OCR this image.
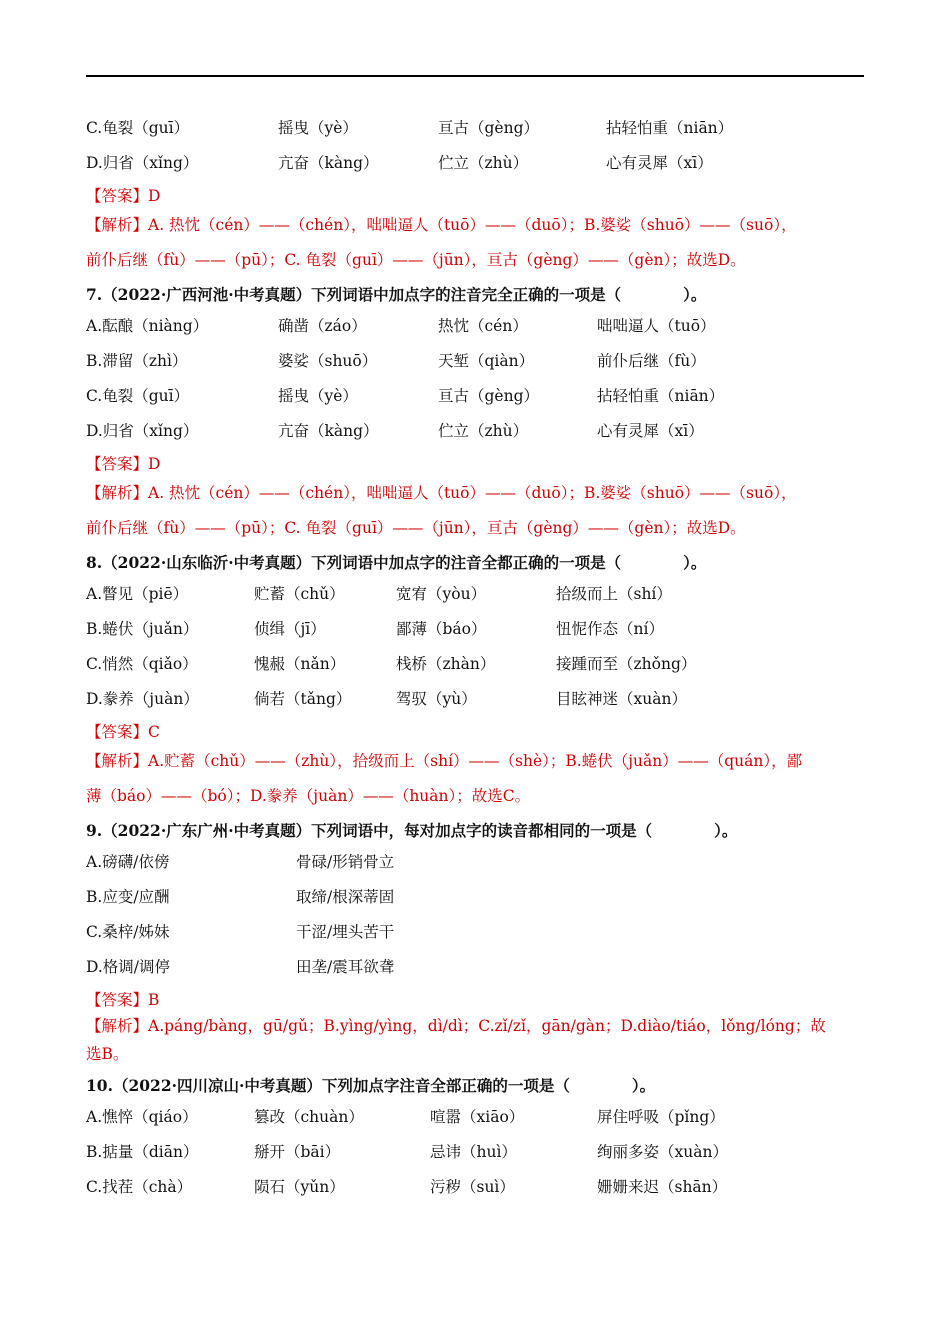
C.龟裂（guī）	摇曳（yè）	亘古（gèng）	拈轻怕重（niān）
D.归省（xǐng）	亢奋（kàng）	伫立（zhù）	心有灵犀（xī）
【答案】D
【解析】A. 热忱（cén）——（chén），咄咄逼人（tuō）——（duō）；B.婆娑（shuō）——（suō），
前仆后继（fù）——（pū）；C. 龟裂（guī）——（jūn），亘古（gèng）——（gèn）；故选D。
7.（2022·广西河池·中考真题）下列词语中加点字的注音完全正确的一项是（　　　　）。
A.酝酿（niàng）	确凿（záo）	热忱（cén）	咄咄逼人（tuō）
B.滞留（zhì）	婆娑（shuō）	天堑（qiàn）	前仆后继（fù）
C.龟裂（guī）	摇曳（yè）	亘古（gèng）	拈轻怕重（niān）
D.归省（xǐng）	亢奋（kàng）	伫立（zhù）	心有灵犀（xī）
【答案】D
【解析】A. 热忱（cén）——（chén），咄咄逼人（tuō）——（duō）；B.婆娑（shuō）——（suō），
前仆后继（fù）——（pū）；C. 龟裂（guī）——（jūn），亘古（gèng）——（gèn）；故选D。
8.（2022·山东临沂·中考真题）下列词语中加点字的注音全都正确的一项是（　　　　）。
A.瞥见（piē）	贮蓄（chǔ）	宽宥（yòu）	拾级而上（shí）
B.蜷伏（juǎn）	侦缉（jī）	鄙薄（báo）	忸怩作态（ní）
C.悄然（qiǎo）	愧赧（nǎn）	栈桥（zhàn）	接踵而至（zhǒng）
D.豢养（juàn）	倘若（tǎng）	驾驭（yù）	目眩神迷（xuàn）
【答案】C
【解析】A.贮蓄（chǔ）——（zhù），拾级而上（shí）——（shè）；B.蜷伏（juǎn）——（quán），鄙
薄（báo）——（bó）；D.豢养（juàn）——（huàn）；故选C。
9.（2022·广东广州·中考真题）下列词语中，每对加点字的读音都相同的一项是（　　　　）。
A.磅礴/依傍	骨碌/形销骨立
B.应变/应酬	取缔/根深蒂固
C.桑梓/姊妹	干涩/埋头苦干
D.格调/调停	田垄/震耳欲聋
【答案】B
【解析】A.páng/bàng，gū/gǔ；B.yìng/yìng，dì/dì；C.zǐ/zǐ，gān/gàn；D.diào/tiáo，lǒng/lóng；故
选B。
10.（2022·四川凉山·中考真题）下列加点字注音全部正确的一项是（　　　　）。
A.憔悴（qiáo）	篡改（chuàn）	喧嚣（xiāo）	屏住呼吸（pǐng）
B.掂量（diān）	掰开（bāi）	忌讳（huì）	绚丽多姿（xuàn）
C.找茬（chà）	陨石（yǔn）	污秽（suì）	姗姗来迟（shān）
